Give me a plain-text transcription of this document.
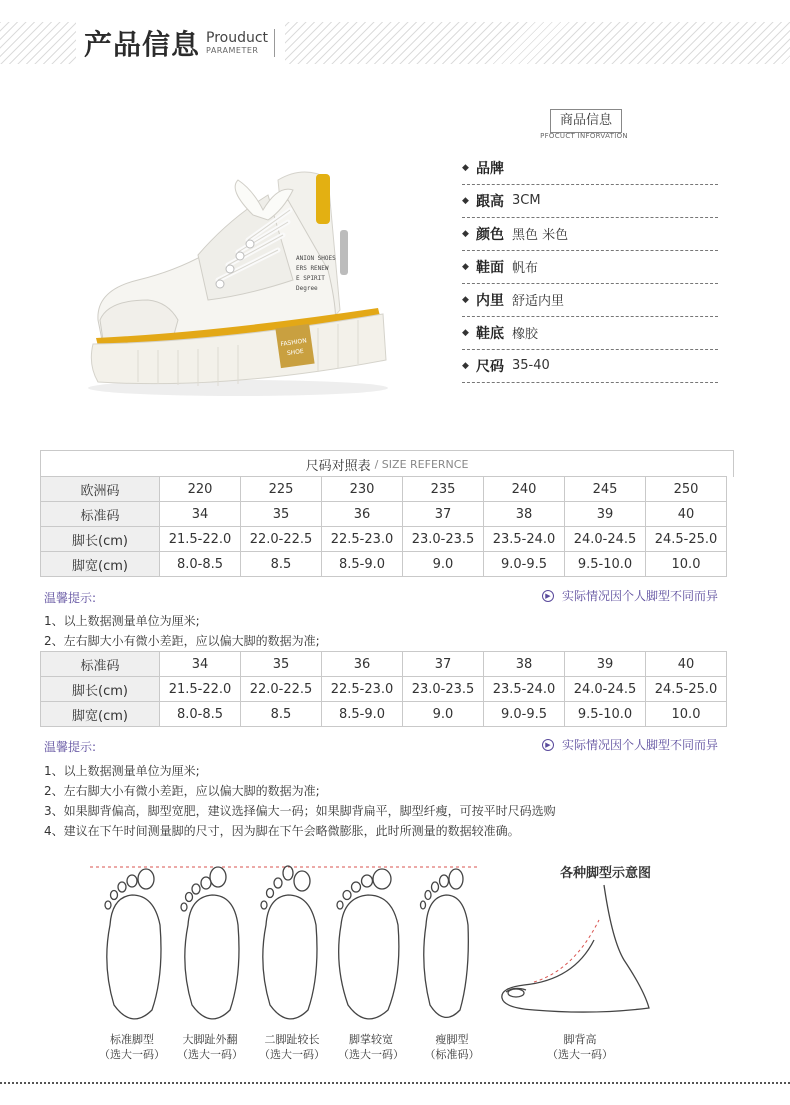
产品信息 Prouduct
PARAMETER
ANION SHOES
ERS RENEW
E SPIRIT
Degree
FASHION
SHOE
商品信息
PFOCUCT INFORVATION
◆ 品牌
◆ 跟高 3CM
◆ 颜色 黑色 米色
◆ 鞋面 帆布
◆ 内里 舒适内里
◆ 鞋底 橡胶
◆ 尺码 35-40
尺码对照表 / SIZE REFERNCE
欧洲码	220	225	230	235	240	245	250
标准码	34	35	36	37	38	39	40
脚长(cm)	21.5-22.0	22.0-22.5	22.5-23.0	23.0-23.5	23.5-24.0	24.0-24.5	24.5-25.0
脚宽(cm)	8.0-8.5	8.5	8.5-9.0	9.0	9.0-9.5	9.5-10.0	10.0
温馨提示:	▶ 实际情况因个人脚型不同而异
1、以上数据测量单位为厘米;
2、左右脚大小有微小差距，应以偏大脚的数据为准;
标准码	34	35	36	37	38	39	40
脚长(cm)	21.5-22.0	22.0-22.5	22.5-23.0	23.0-23.5	23.5-24.0	24.0-24.5	24.5-25.0
脚宽(cm)	8.0-8.5	8.5	8.5-9.0	9.0	9.0-9.5	9.5-10.0	10.0
温馨提示:	▶ 实际情况因个人脚型不同而异
1、以上数据测量单位为厘米;
2、左右脚大小有微小差距，应以偏大脚的数据为准;
3、如果脚背偏高，脚型宽肥，建议选择偏大一码；如果脚背扁平，脚型纤瘦，可按平时尺码选购
4、建议在下午时间测量脚的尺寸，因为脚在下午会略微膨胀，此时所测量的数据较准确。
标准脚型
（选大一码）
大脚趾外翻
（选大一码）
二脚趾较长
（选大一码）
脚掌较宽
（选大一码）
瘦脚型
（标准码）
各种脚型示意图
脚背高
（选大一码）
